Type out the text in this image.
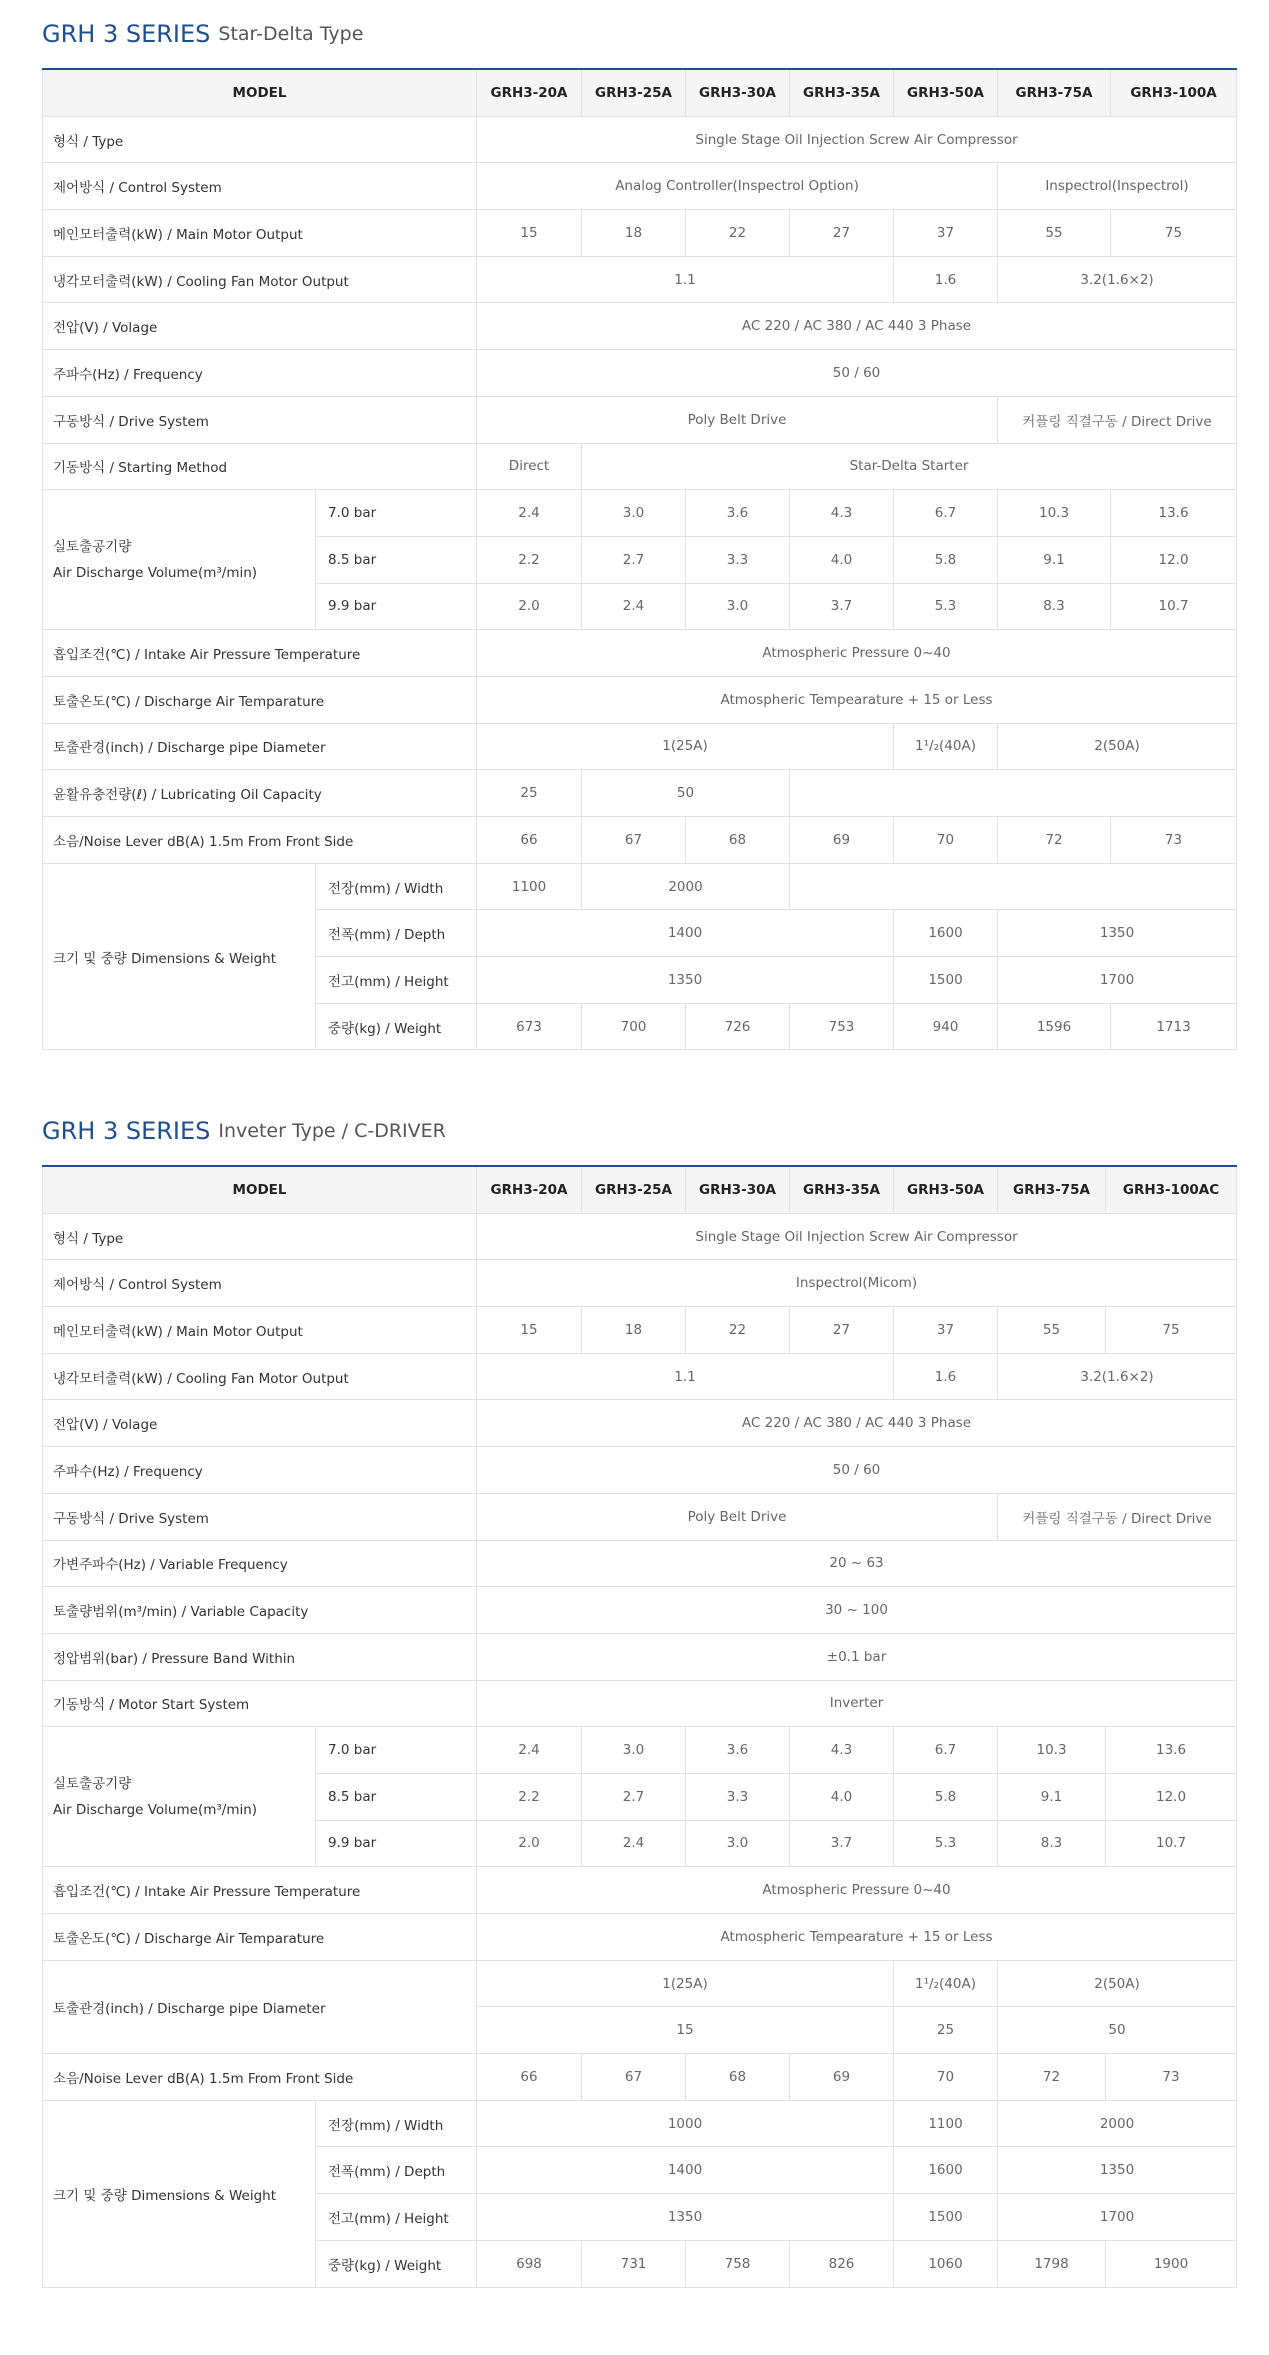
GRH 3 SERIES Star-Delta Type
MODEL		GRH3-20A	GRH3-25A	GRH3-30A	GRH3-35A	GRH3-50A	GRH3-75A	GRH3-100A
형식 / Type		Single Stage Oil Injection Screw Air Compressor						
제어방식 / Control System		Analog Controller(Inspectrol Option)					Inspectrol(Inspectrol)	
메인모터출력(kW) / Main Motor Output		15	18	22	27	37	55	75
냉각모터출력(kW) / Cooling Fan Motor Output		1.1				1.6	3.2(1.6×2)	
전압(V) / Volage		AC 220 / AC 380 / AC 440 3 Phase						
주파수(Hz) / Frequency		50 / 60						
구동방식 / Drive System		Poly Belt Drive					커플링 직결구동 / Direct Drive	
기동방식 / Starting Method		Direct	Star-Delta Starter					
실토출공기량
Air Discharge Volume(m³/min)	7.0 bar	2.4	3.0	3.6	4.3	6.7	10.3	13.6
	8.5 bar	2.2	2.7	3.3	4.0	5.8	9.1	12.0
	9.9 bar	2.0	2.4	3.0	3.7	5.3	8.3	10.7
흡입조건(℃) / Intake Air Pressure Temperature		Atmospheric Pressure 0~40						
토출온도(℃) / Discharge Air Temparature		Atmospheric Tempearature + 15 or Less						
토출관경(inch) / Discharge pipe Diameter		1(25A)				1¹/₂(40A)	2(50A)	
윤활유충전량(ℓ) / Lubricating Oil Capacity		25	50					
소음/Noise Lever dB(A) 1.5m From Front Side		66	67	68	69	70	72	73
크기 및 중량 Dimensions & Weight	전장(mm) / Width	1100	2000					
	전폭(mm) / Depth	1400				1600	1350	
	전고(mm) / Height	1350				1500	1700	
	중량(kg) / Weight	673	700	726	753	940	1596	1713
GRH 3 SERIES Inveter Type / C-DRIVER
MODEL		GRH3-20A	GRH3-25A	GRH3-30A	GRH3-35A	GRH3-50A	GRH3-75A	GRH3-100AC
형식 / Type		Single Stage Oil Injection Screw Air Compressor						
제어방식 / Control System		Inspectrol(Micom)						
메인모터출력(kW) / Main Motor Output		15	18	22	27	37	55	75
냉각모터출력(kW) / Cooling Fan Motor Output		1.1				1.6	3.2(1.6×2)	
전압(V) / Volage		AC 220 / AC 380 / AC 440 3 Phase						
주파수(Hz) / Frequency		50 / 60						
구동방식 / Drive System		Poly Belt Drive					커플링 직결구동 / Direct Drive	
가변주파수(Hz) / Variable Frequency		20 ~ 63						
토출량범위(m³/min) / Variable Capacity		30 ~ 100						
정압범위(bar) / Pressure Band Within		±0.1 bar						
기동방식 / Motor Start System		Inverter						
실토출공기량
Air Discharge Volume(m³/min)	7.0 bar	2.4	3.0	3.6	4.3	6.7	10.3	13.6
	8.5 bar	2.2	2.7	3.3	4.0	5.8	9.1	12.0
	9.9 bar	2.0	2.4	3.0	3.7	5.3	8.3	10.7
흡입조건(℃) / Intake Air Pressure Temperature		Atmospheric Pressure 0~40						
토출온도(℃) / Discharge Air Temparature		Atmospheric Tempearature + 15 or Less						
토출관경(inch) / Discharge pipe Diameter		1(25A)				1¹/₂(40A)	2(50A)	
		15				25	50	
소음/Noise Lever dB(A) 1.5m From Front Side		66	67	68	69	70	72	73
크기 및 중량 Dimensions & Weight	전장(mm) / Width	1000				1100	2000	
	전폭(mm) / Depth	1400				1600	1350	
	전고(mm) / Height	1350				1500	1700	
	중량(kg) / Weight	698	731	758	826	1060	1798	1900
